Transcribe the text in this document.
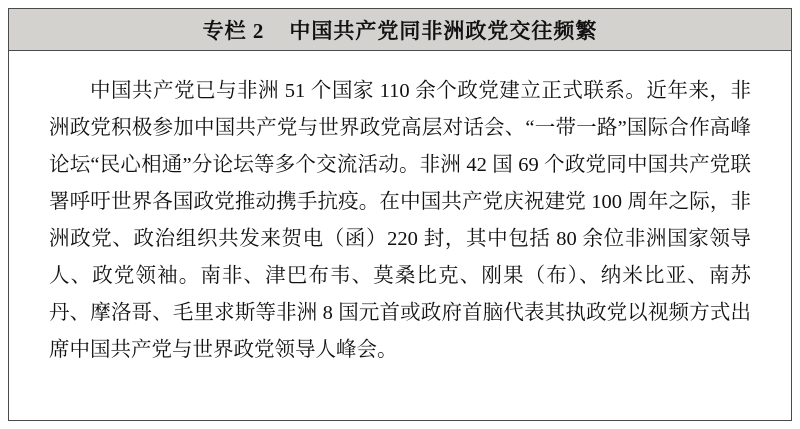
专栏 2    中国共产党同非洲政党交往频繁

中国共产党已与非洲 51 个国家 110 余个政党建立正式联系。近年来，非洲政党积极参加中国共产党与世界政党高层对话会、“一带一路”国际合作高峰论坛“民心相通”分论坛等多个交流活动。非洲 42 国 69 个政党同中国共产党联署呼吁世界各国政党推动携手抗疫。在中国共产党庆祝建党 100 周年之际，非洲政党、政治组织共发来贺电（函）220 封，其中包括 80 余位非洲国家领导人、政党领袖。南非、津巴布韦、莫桑比克、刚果（布）、纳米比亚、南苏丹、摩洛哥、毛里求斯等非洲 8 国元首或政府首脑代表其执政党以视频方式出席中国共产党与世界政党领导人峰会。
